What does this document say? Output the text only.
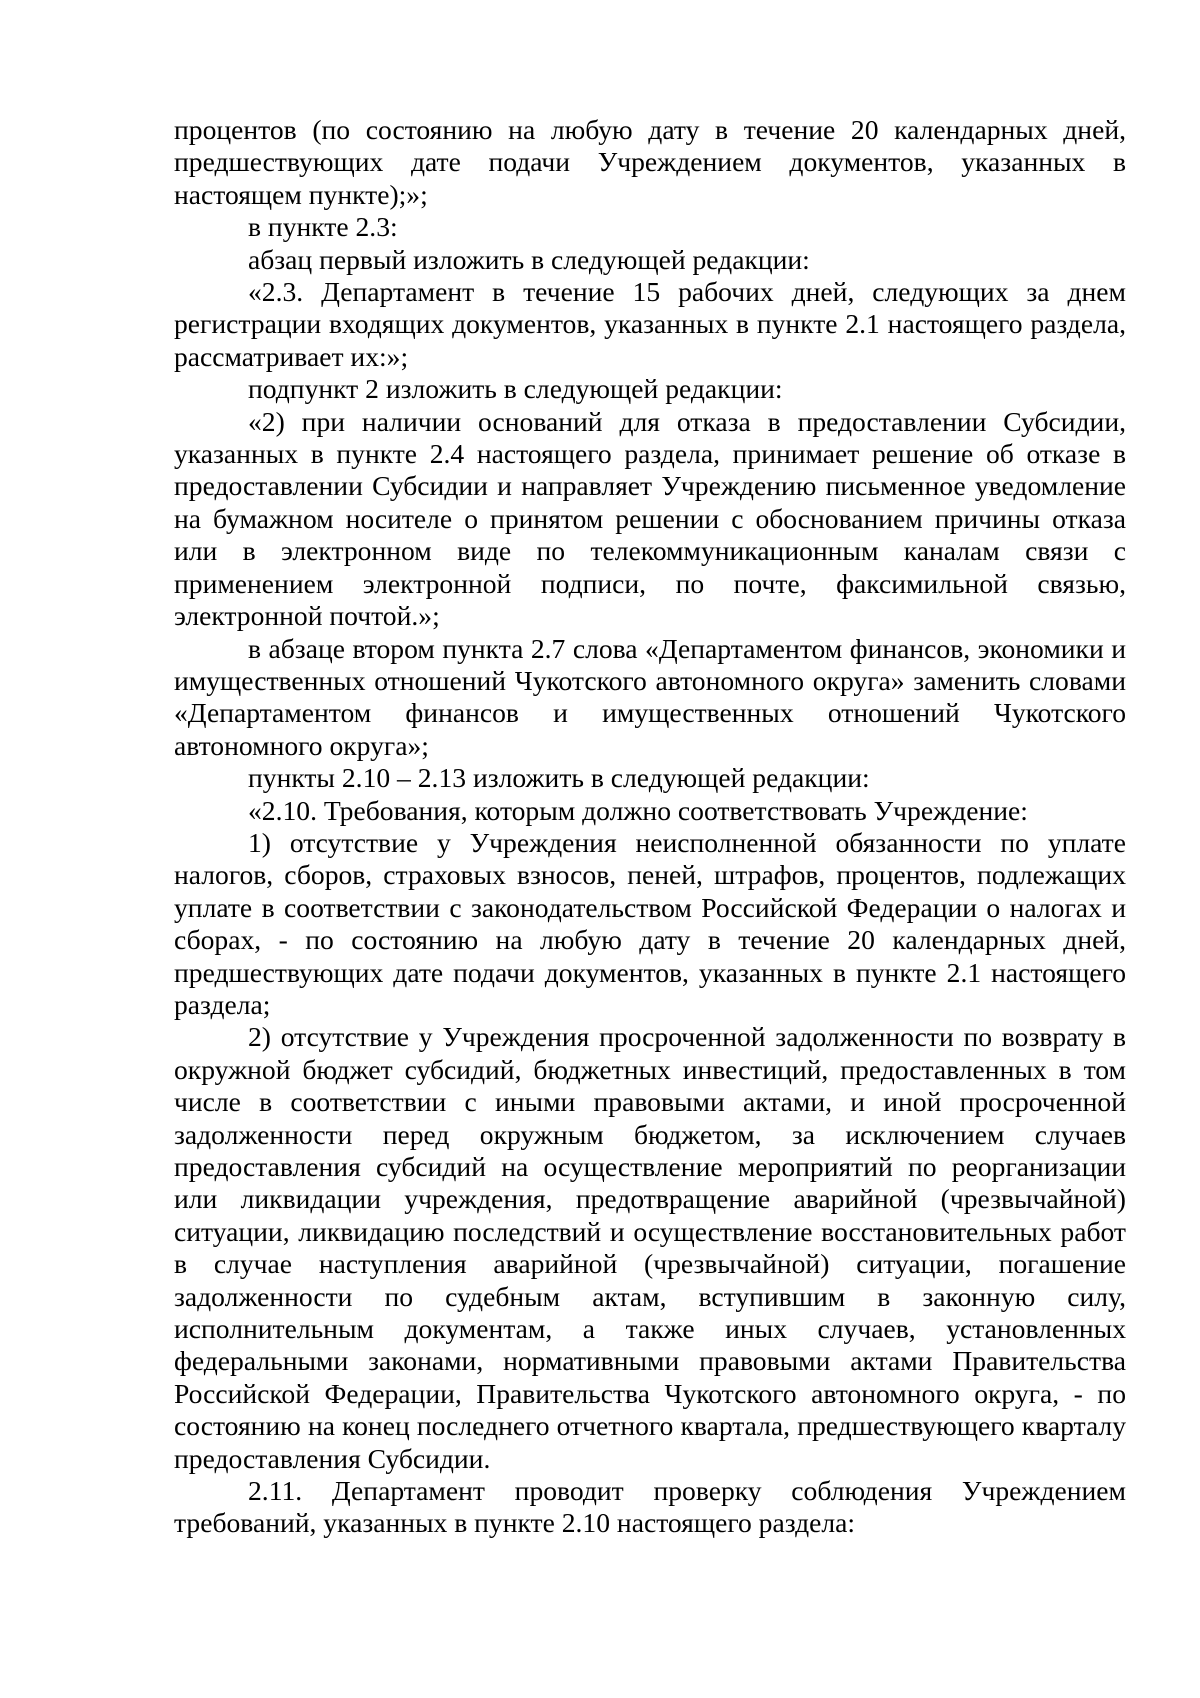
процентов (по состоянию на любую дату в течение 20 календарных дней, предшествующих дате подачи Учреждением документов, указанных в настоящем пункте);»;

в пункте 2.3:

абзац первый изложить в следующей редакции:

«2.3. Департамент в течение 15 рабочих дней, следующих за днем регистрации входящих документов, указанных в пункте 2.1 настоящего раздела, рассматривает их:»;

подпункт 2 изложить в следующей редакции:

«2) при наличии оснований для отказа в предоставлении Субсидии, указанных в пункте 2.4 настоящего раздела, принимает решение об отказе в предоставлении Субсидии и направляет Учреждению письменное уведомление на бумажном носителе о принятом решении с обоснованием причины отказа или в электронном виде по телекоммуникационным каналам связи с применением электронной подписи, по почте, факсимильной связью, электронной почтой.»;

в абзаце втором пункта 2.7 слова «Департаментом финансов, экономики и имущественных отношений Чукотского автономного округа» заменить словами «Департаментом финансов и имущественных отношений Чукотского автономного округа»;

пункты 2.10 – 2.13 изложить в следующей редакции:

«2.10. Требования, которым должно соответствовать Учреждение:

1) отсутствие у Учреждения неисполненной обязанности по уплате налогов, сборов, страховых взносов, пеней, штрафов, процентов, подлежащих уплате в соответствии с законодательством Российской Федерации о налогах и сборах, - по состоянию на любую дату в течение 20 календарных дней, предшествующих дате подачи документов, указанных в пункте 2.1 настоящего раздела;

2) отсутствие у Учреждения просроченной задолженности по возврату в окружной бюджет субсидий, бюджетных инвестиций, предоставленных в том числе в соответствии с иными правовыми актами, и иной просроченной задолженности перед окружным бюджетом, за исключением случаев предоставления субсидий на осуществление мероприятий по реорганизации или ликвидации учреждения, предотвращение аварийной (чрезвычайной) ситуации, ликвидацию последствий и осуществление восстановительных работ в случае наступления аварийной (чрезвычайной) ситуации, погашение задолженности по судебным актам, вступившим в законную силу, исполнительным документам, а также иных случаев, установленных федеральными законами, нормативными правовыми актами Правительства Российской Федерации, Правительства Чукотского автономного округа, - по состоянию на конец последнего отчетного квартала, предшествующего кварталу предоставления Субсидии.

2.11. Департамент проводит проверку соблюдения Учреждением требований, указанных в пункте 2.10 настоящего раздела:
